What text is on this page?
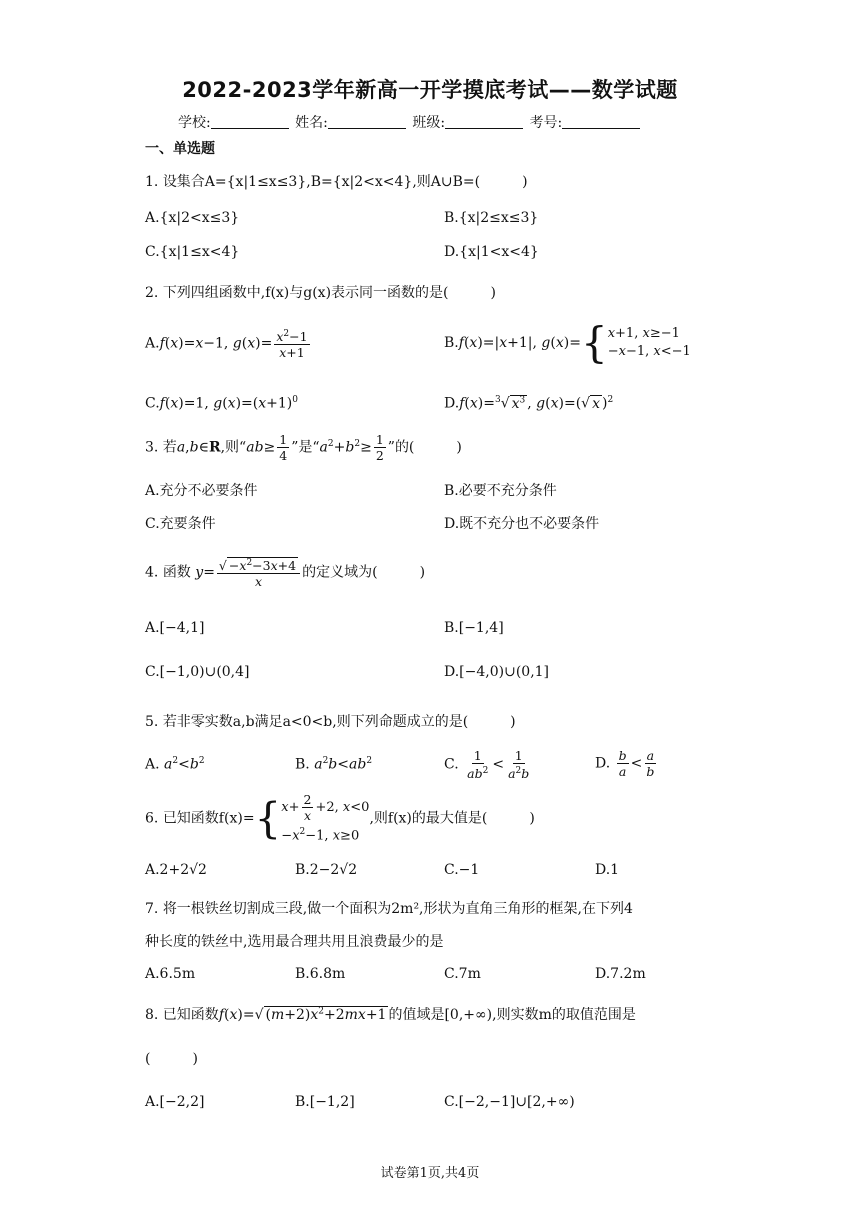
2022-2023学年新高一开学摸底考试——数学试题
学校:	姓名:	班级:	考号:
一、单选题
1. 设集合A={x|1≤x≤3},B={x|2<x<4},则A∪B=(　　　)
A.{x|2<x≤3}	B.{x|2≤x≤3}
C.{x|1≤x<4}	D.{x|1<x<4}
2. 下列四组函数中,f(x)与g(x)表示同一函数的是(　　　)
A.f(x)=x−1, $g(x)= \frac{x^2-1}{x+1}$	B.f(x)=|x+1|, g(x)={ x+1, x≥−1
−x−1, x<−1
C.f(x)=1, $g(x)=(x+1)^0$	D.f(x)=$^3$√ $x^3$ , g(x)=(√ x )$^2$
3. 若a,b∈R,则“$ab\ge \frac{1}{4}$ ”是“$a^2+b^2\ge \frac{1}{2}$ ”的(　　　)
A.充分不必要条件	B.必要不充分条件
C.充要条件	D.既不充分也不必要条件
4. 函数 $y= \frac{√ -x^2-3x+4}{x}$ 的定义域为(　　　)
A.[−4,1]	B.[−1,4]
C.[−1,0)∪(0,4]	D.[−4,0)∪(0,1]
5. 若非零实数a,b满足a<0<b,则下列命题成立的是(　　　)
A. $a^2<b^2$	B. $a^2b<ab^2$	C. $\frac{1}{ab^2} < \frac{1}{a^2b}$	D. $\frac{b}{a} < \frac{a}{b}$
6. 已知函数f(x)={ $x+ \frac{2}{x} +2$, x<0
$-x^2-1$, x≥0
,则f(x)的最大值是(　　　)
A.2+2√2	B.2−2√2	C.−1	D.1
7. 将一根铁丝切割成三段,做一个面积为2m²,形状为直角三角形的框架,在下列4
种长度的铁丝中,选用最合理共用且浪费最少的是
A.6.5m	B.6.8m	C.7m	D.7.2m
8. 已知函数f(x)=√ $(m+2)x^2+2mx+1$ 的值域是[0,+∞),则实数m的取值范围是
(　　　)
A.[−2,2]	B.[−1,2]	C.[−2,−1]∪[2,+∞)
试卷第1页,共4页
